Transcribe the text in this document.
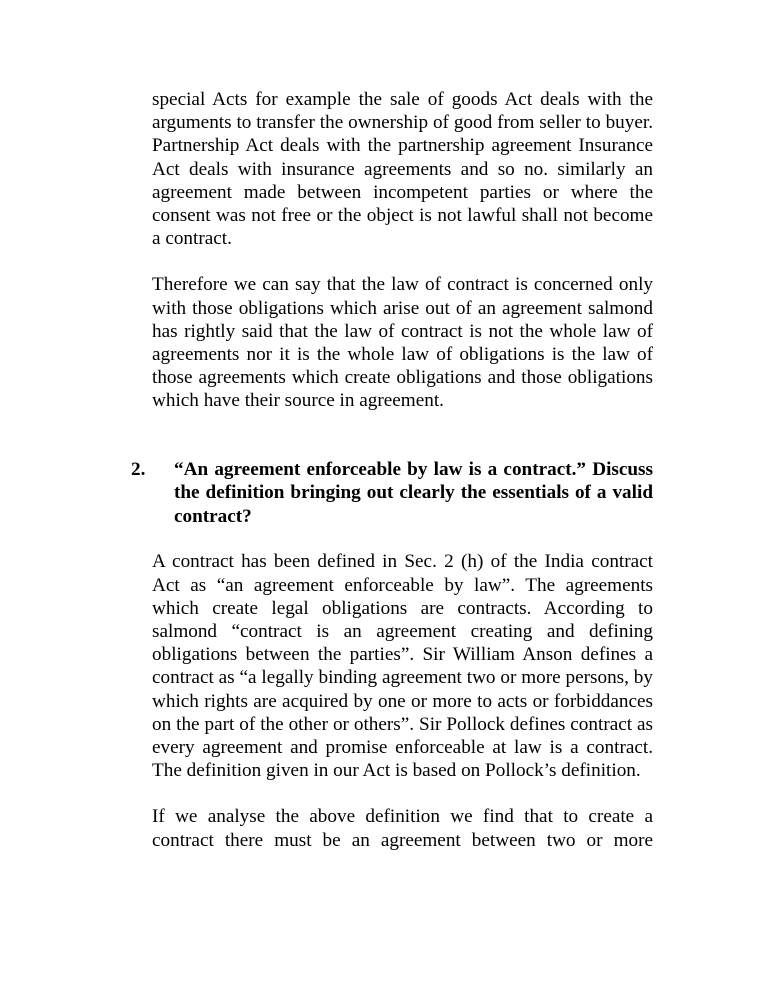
special Acts for example the sale of goods Act deals with the arguments to transfer the ownership of good from seller to buyer. Partnership Act deals with the partnership agreement Insurance Act deals with insurance agreements and so no. similarly an agreement made between incompetent parties or where the consent was not free or the object is not lawful shall not become a contract.

Therefore we can say that the law of contract is concerned only with those obligations which arise out of an agreement salmond has rightly said that the law of contract is not the whole law of agreements nor it is the whole law of obligations is the law of those agreements which create obligations and those obligations which have their source in agreement.

2. “An agreement enforceable by law is a contract.” Discuss the definition bringing out clearly the essentials of a valid contract?

A contract has been defined in Sec. 2 (h) of the India contract Act as “an agreement enforceable by law”. The agreements which create legal obligations are contracts. According to salmond “contract is an agreement creating and defining obligations between the parties”. Sir William Anson defines a contract as “a legally binding agreement two or more persons, by which rights are acquired by one or more to acts or forbiddances on the part of the other or others”. Sir Pollock defines contract as every agreement and promise enforceable at law is a contract. The definition given in our Act is based on Pollock’s definition.

If we analyse the above definition we find that to create a contract there must be an agreement between two or more
